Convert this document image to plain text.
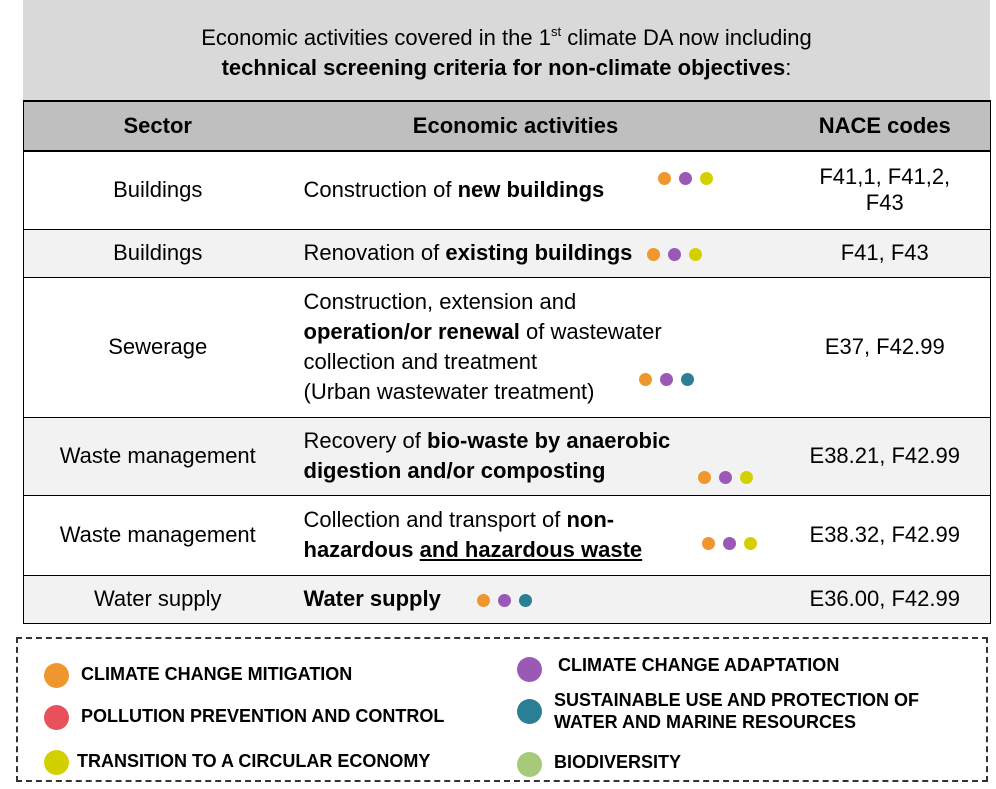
Economic activities covered in the 1st climate DA now including
technical screening criteria for non-climate objectives:
Sector	Economic activities	NACE codes
Buildings	Construction of new buildings	F41,1, F41,2, F43

Buildings	Renovation of existing buildings	F41, F43
Sewerage	Construction, extension and
operation/or renewal of wastewater collection and treatment
(Urban wastewater treatment)	E37, F42.99
Waste management	Recovery of bio-waste by anaerobic digestion and/or composting	E38.21, F42.99
Waste management	Collection and transport of non-hazardous and hazardous waste	E38.32, F42.99
Water supply	Water supply	E36.00, F42.99
CLIMATE CHANGE MITIGATION	CLIMATE CHANGE ADAPTATION
POLLUTION PREVENTION AND CONTROL
SUSTAINABLE USE AND PROTECTION OF
WATER AND MARINE RESOURCES
TRANSITION TO A CIRCULAR ECONOMY	BIODIVERSITY
